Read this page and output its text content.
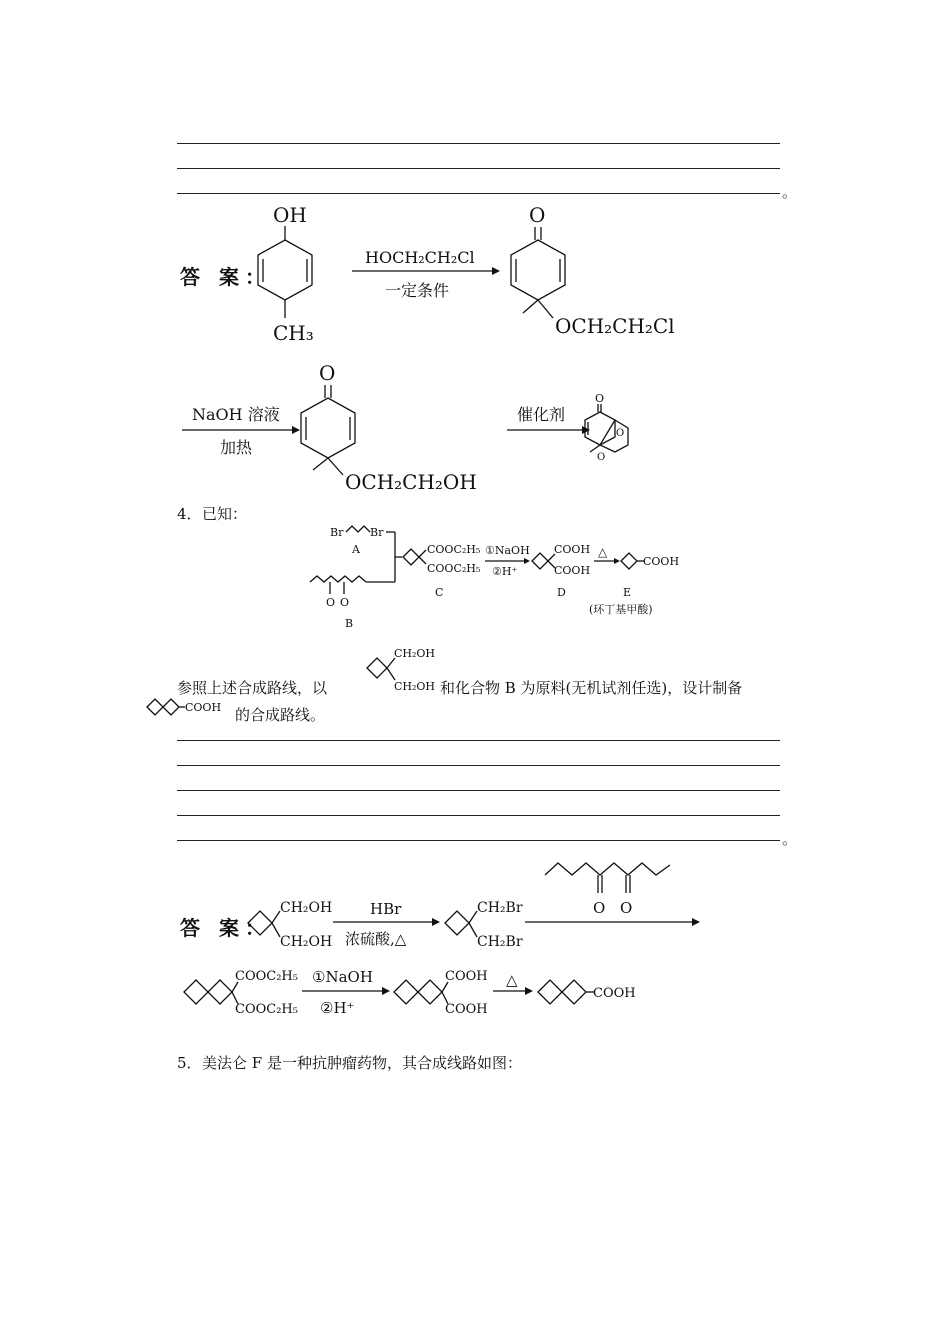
。
答 案：
OH
CH₃
HOCH₂CH₂Cl
一定条件
O
OCH₂CH₂Cl
NaOH 溶液
加热
O
OCH₂CH₂OH
催化剂
O
O
O
4． 已知：
Br Br
A
O O
B
COOC₂H₅
COOC₂H₅
C
①NaOH
②H⁺
COOH
COOH
D
△
COOH
E
(环丁基甲酸)
CH₂OH
CH₂OH
参照上述合成路线，以	和化合物 B 为原料(无机试剂任选)，设计制备
COOH 的合成路线。
。
答 案：
CH₂OH
CH₂OH
HBr
浓硫酸,△
CH₂Br
CH₂Br
O O
COOC₂H₅
COOC₂H₅
①NaOH
②H⁺
COOH
COOH
△
COOH
5． 美法仑 F 是一种抗肿瘤药物，其合成线路如图：
